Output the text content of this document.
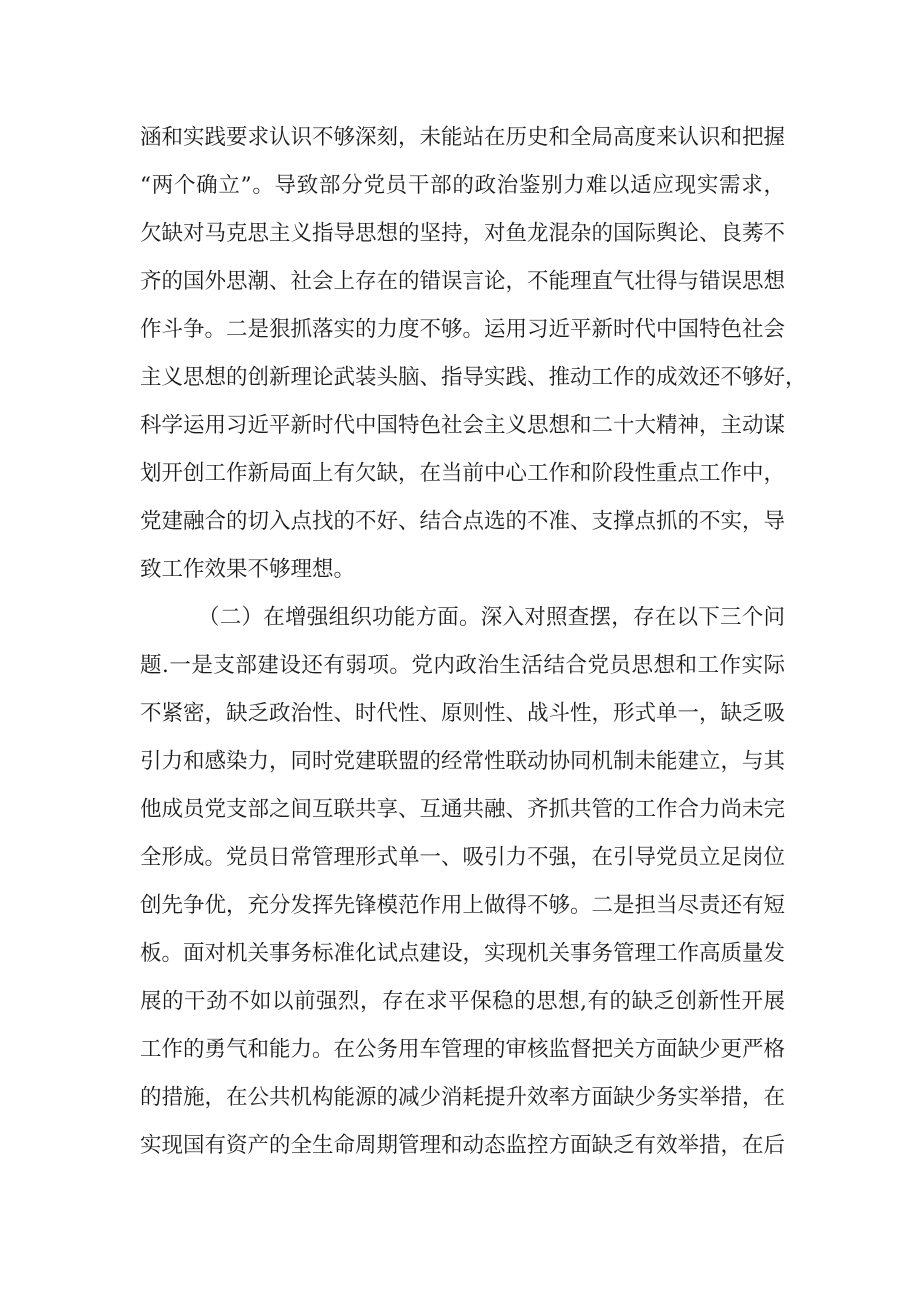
涵和实践要求认识不够深刻，未能站在历史和全局高度来认识和把握
“两个确立”。导致部分党员干部的政治鉴别力难以适应现实需求，
欠缺对马克思主义指导思想的坚持，对鱼龙混杂的国际舆论、良莠不
齐的国外思潮、社会上存在的错误言论，不能理直气壮得与错误思想
作斗争。二是狠抓落实的力度不够。运用习近平新时代中国特色社会
主义思想的创新理论武装头脑、指导实践、推动工作的成效还不够好，
科学运用习近平新时代中国特色社会主义思想和二十大精神，主动谋
划开创工作新局面上有欠缺，在当前中心工作和阶段性重点工作中，
党建融合的切入点找的不好、结合点选的不准、支撑点抓的不实，导
致工作效果不够理想。
（二）在增强组织功能方面。深入对照查摆，存在以下三个问
题.一是支部建设还有弱项。党内政治生活结合党员思想和工作实际
不紧密，缺乏政治性、时代性、原则性、战斗性，形式单一，缺乏吸
引力和感染力，同时党建联盟的经常性联动协同机制未能建立，与其
他成员党支部之间互联共享、互通共融、齐抓共管的工作合力尚未完
全形成。党员日常管理形式单一、吸引力不强，在引导党员立足岗位
创先争优，充分发挥先锋模范作用上做得不够。二是担当尽责还有短
板。面对机关事务标准化试点建设，实现机关事务管理工作高质量发
展的干劲不如以前强烈，存在求平保稳的思想,有的缺乏创新性开展
工作的勇气和能力。在公务用车管理的审核监督把关方面缺少更严格
的措施，在公共机构能源的减少消耗提升效率方面缺少务实举措，在
实现国有资产的全生命周期管理和动态监控方面缺乏有效举措，在后
